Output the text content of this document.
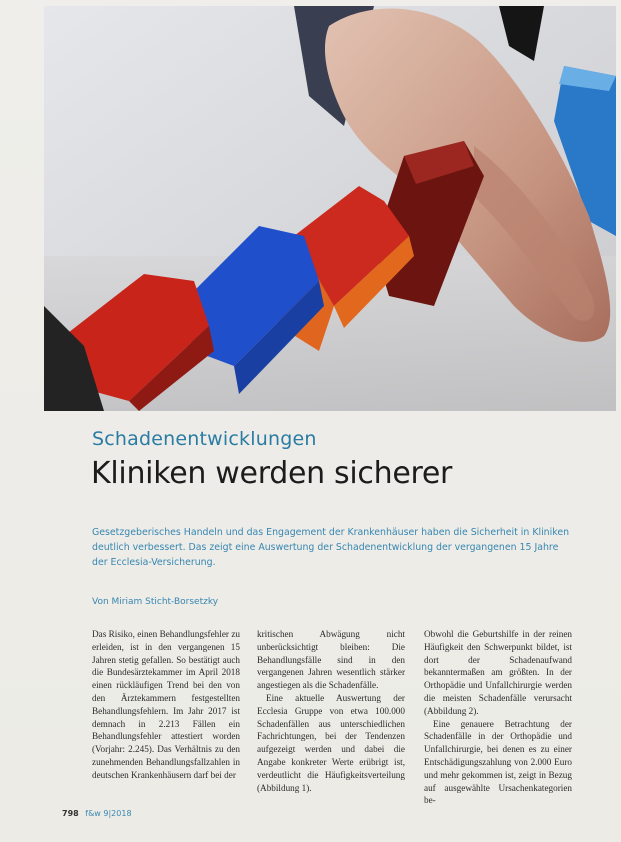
Schadenentwicklungen
Kliniken werden sicherer
Gesetzgeberisches Handeln und das Engagement der Krankenhäuser haben die Sicherheit in Kliniken deutlich verbessert. Das zeigt eine Auswertung der Schadenentwicklung der vergangenen 15 Jahre der Ecclesia-Versicherung.
Von Miriam Sticht-Borsetzky

Das Risiko, einen Behandlungsfehler zu erleiden, ist in den vergangenen 15 Jahren stetig gefallen. So bestätigt auch die Bundesärztekammer im April 2018 einen rückläufigen Trend bei den von den Ärztekammern festgestellten Behandlungsfehlern. Im Jahr 2017 ist demnach in 2.213 Fällen ein Behandlungsfehler attestiert worden (Vorjahr: 2.245). Das Verhältnis zu den zunehmenden Behandlungsfallzahlen in deutschen Krankenhäusern darf bei der

kritischen Abwägung nicht unberücksichtigt bleiben: Die Behandlungsfälle sind in den vergangenen Jahren wesentlich stärker angestiegen als die Schadenfälle.

Eine aktuelle Auswertung der Ecclesia Gruppe von etwa 100.000 Schadenfällen aus unterschiedlichen Fachrichtungen, bei der Tendenzen aufgezeigt werden und dabei die Angabe konkreter Werte erübrigt ist, verdeutlicht die Häufigkeitsverteilung (Abbildung 1).

Obwohl die Geburtshilfe in der reinen Häufigkeit den Schwerpunkt bildet, ist dort der Schadenaufwand bekanntermaßen am größten. In der Orthopädie und Unfallchirurgie werden die meisten Schadenfälle verursacht (Abbildung 2).

Eine genauere Betrachtung der Schadenfälle in der Orthopädie und Unfallchirurgie, bei denen es zu einer Entschädigungszahlung von 2.000 Euro und mehr gekommen ist, zeigt in Bezug auf ausgewählte Ursachenkategorien be-

798 f&w 9|2018
